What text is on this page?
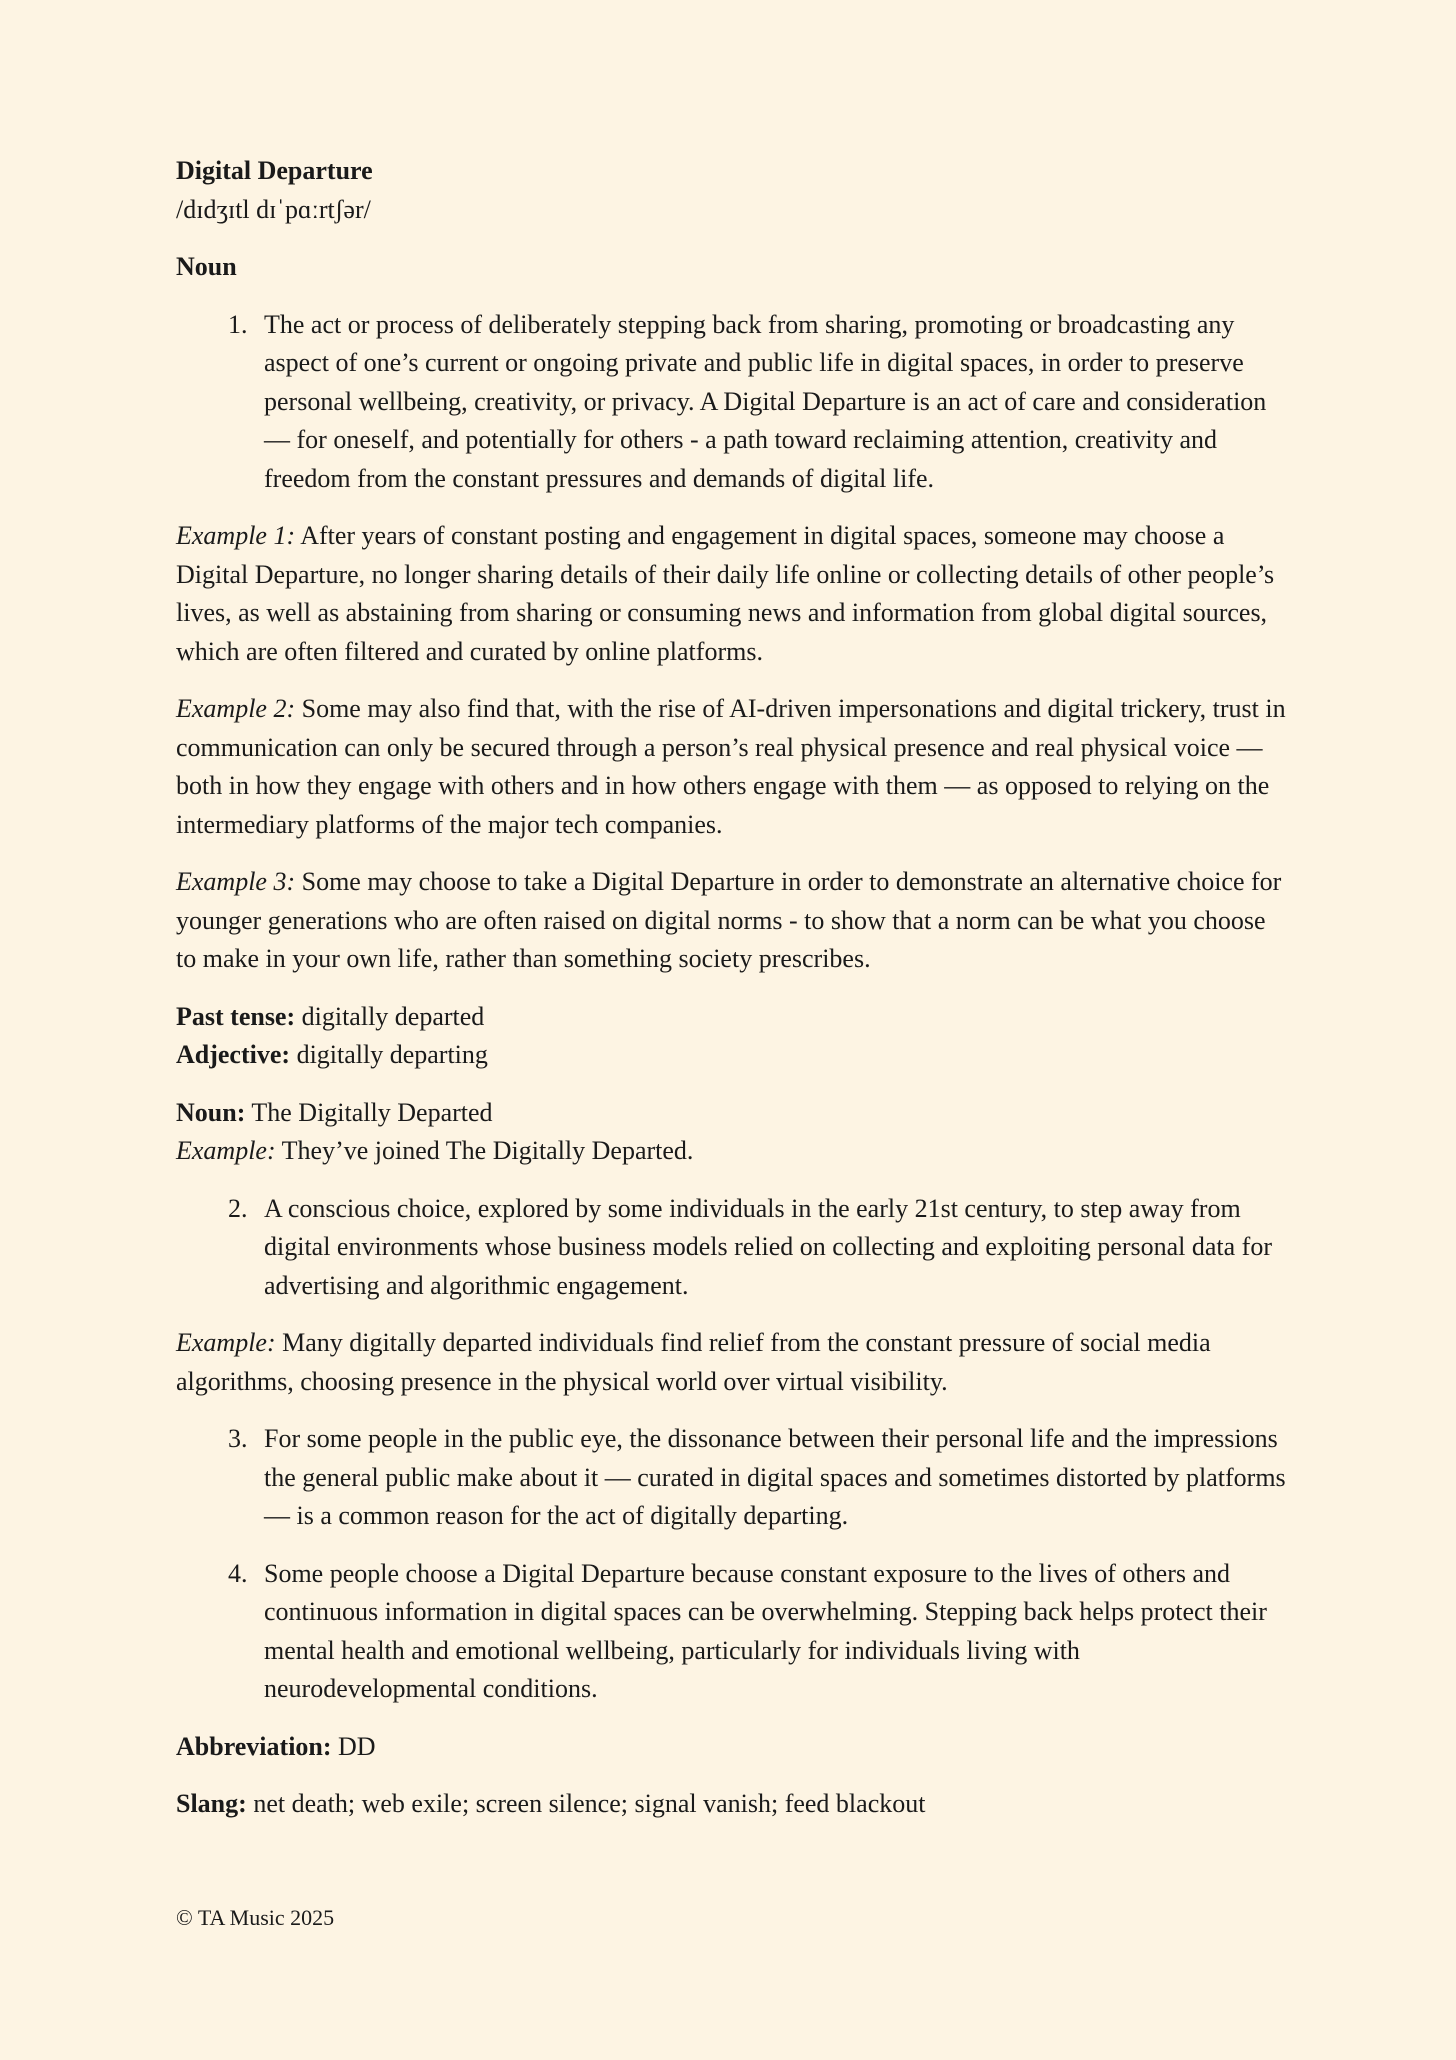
Digital Departure

/dɪdʒɪtl dɪˈpɑːrtʃər/

Noun

1. The act or process of deliberately stepping back from sharing, promoting or broadcasting any aspect of one’s current or ongoing private and public life in digital spaces, in order to preserve personal wellbeing, creativity, or privacy. A Digital Departure is an act of care and consideration — for oneself, and potentially for others - a path toward reclaiming attention, creativity and freedom from the constant pressures and demands of digital life.

Example 1: After years of constant posting and engagement in digital spaces, someone may choose a Digital Departure, no longer sharing details of their daily life online or collecting details of other people’s lives, as well as abstaining from sharing or consuming news and information from global digital sources, which are often filtered and curated by online platforms.

Example 2: Some may also find that, with the rise of AI-driven impersonations and digital trickery, trust in communication can only be secured through a person’s real physical presence and real physical voice — both in how they engage with others and in how others engage with them — as opposed to relying on the intermediary platforms of the major tech companies.

Example 3: Some may choose to take a Digital Departure in order to demonstrate an alternative choice for younger generations who are often raised on digital norms - to show that a norm can be what you choose to make in your own life, rather than something society prescribes.

Past tense: digitally departed

Adjective: digitally departing

Noun: The Digitally Departed

Example: They’ve joined The Digitally Departed.

2. A conscious choice, explored by some individuals in the early 21st century, to step away from digital environments whose business models relied on collecting and exploiting personal data for advertising and algorithmic engagement.

Example: Many digitally departed individuals find relief from the constant pressure of social media algorithms, choosing presence in the physical world over virtual visibility.

3. For some people in the public eye, the dissonance between their personal life and the impressions the general public make about it — curated in digital spaces and sometimes distorted by platforms — is a common reason for the act of digitally departing.
4. Some people choose a Digital Departure because constant exposure to the lives of others and continuous information in digital spaces can be overwhelming. Stepping back helps protect their mental health and emotional wellbeing, particularly for individuals living with neurodevelopmental conditions.

Abbreviation: DD

Slang: net death; web exile; screen silence; signal vanish; feed blackout

© TA Music 2025
